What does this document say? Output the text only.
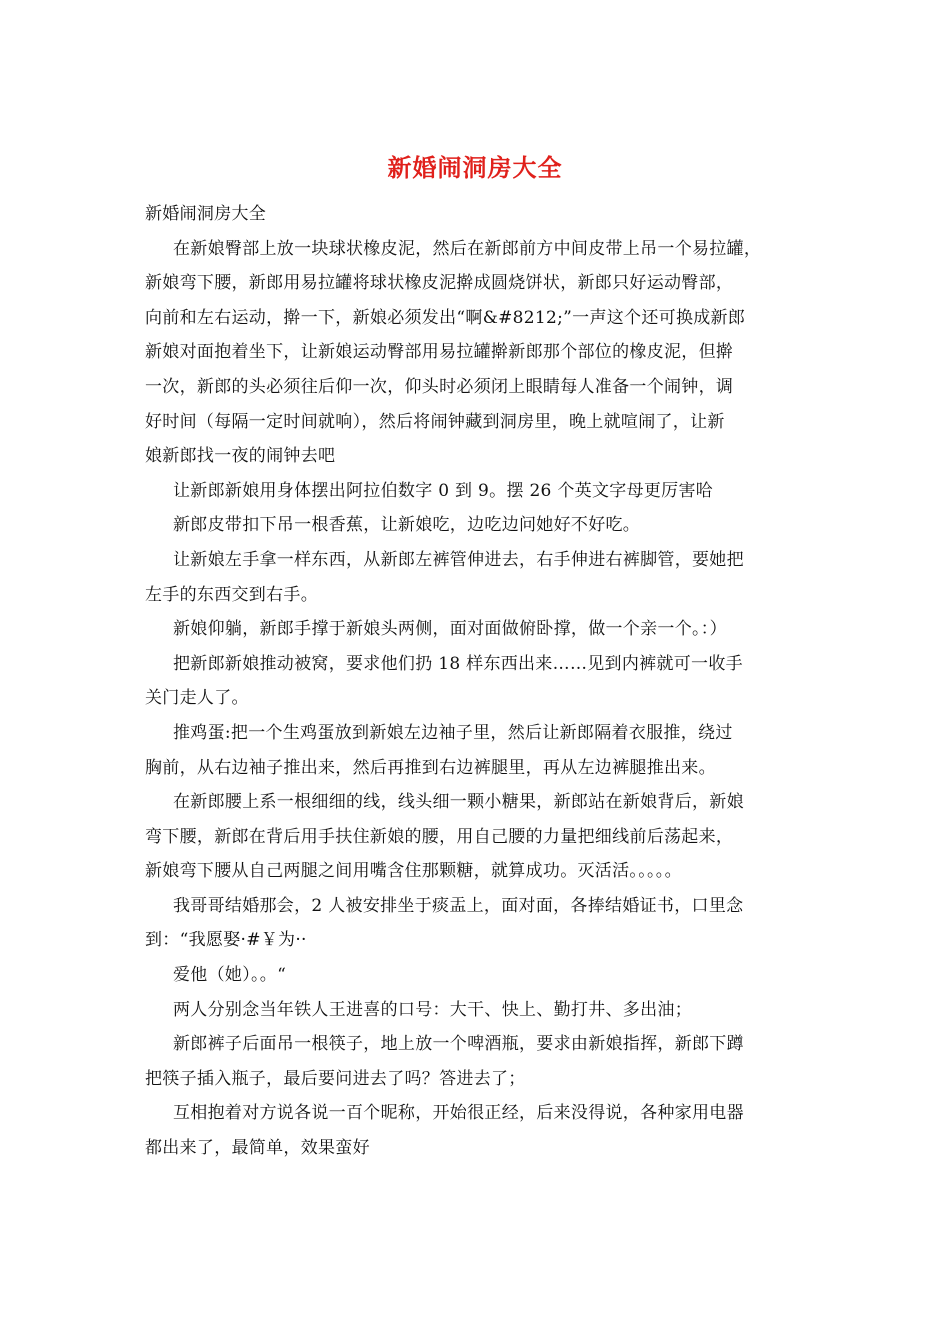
新婚闹洞房大全
新婚闹洞房大全
在新娘臀部上放一块球状橡皮泥，然后在新郎前方中间皮带上吊一个易拉罐，
新娘弯下腰，新郎用易拉罐将球状橡皮泥擀成圆烧饼状，新郎只好运动臀部，
向前和左右运动，擀一下，新娘必须发出“啊&#8212;”一声这个还可换成新郎
新娘对面抱着坐下，让新娘运动臀部用易拉罐擀新郎那个部位的橡皮泥，但擀
一次，新郎的头必须往后仰一次，仰头时必须闭上眼睛每人准备一个闹钟，调
好时间（每隔一定时间就响），然后将闹钟藏到洞房里，晚上就喧闹了，让新
娘新郎找一夜的闹钟去吧
让新郎新娘用身体摆出阿拉伯数字 0 到 9。摆 26 个英文字母更厉害哈
新郎皮带扣下吊一根香蕉，让新娘吃，边吃边问她好不好吃。
让新娘左手拿一样东西，从新郎左裤管伸进去，右手伸进右裤脚管，要她把
左手的东西交到右手。
新娘仰躺，新郎手撑于新娘头两侧，面对面做俯卧撑，做一个亲一个。：）
把新郎新娘推动被窝，要求他们扔 18 样东西出来……见到内裤就可一收手
关门走人了。
推鸡蛋:把一个生鸡蛋放到新娘左边袖子里，然后让新郎隔着衣服推，绕过
胸前，从右边袖子推出来，然后再推到右边裤腿里，再从左边裤腿推出来。
在新郎腰上系一根细细的线，线头细一颗小糖果，新郎站在新娘背后，新娘
弯下腰，新郎在背后用手扶住新娘的腰，用自己腰的力量把细线前后荡起来，
新娘弯下腰从自己两腿之间用嘴含住那颗糖，就算成功。灭活活。。。。。
我哥哥结婚那会，2 人被安排坐于痰盂上，面对面，各捧结婚证书，口里念
到：“我愿娶·#￥为··
爱他（她）。。“
两人分别念当年铁人王进喜的口号：大干、快上、勤打井、多出油；
新郎裤子后面吊一根筷子，地上放一个啤酒瓶，要求由新娘指挥，新郎下蹲
把筷子插入瓶子，最后要问进去了吗？答进去了；
互相抱着对方说各说一百个昵称，开始很正经，后来没得说，各种家用电器
都出来了，最简单，效果蛮好
